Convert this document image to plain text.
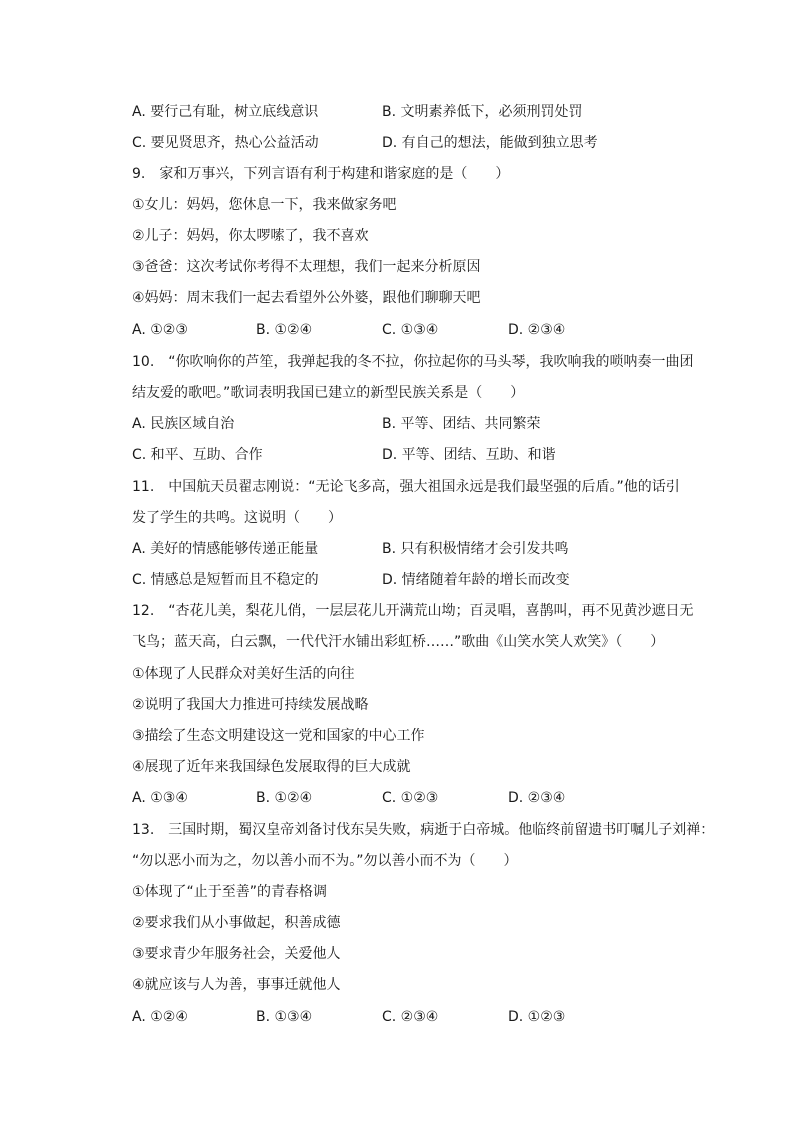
A. 要行己有耻，树立底线意识	B. 文明素养低下，必须刑罚处罚
C. 要见贤思齐，热心公益活动	D. 有自己的想法，能做到独立思考
9.　家和万事兴，下列言语有利于构建和谐家庭的是（　　）
①女儿：妈妈，您休息一下，我来做家务吧
②儿子：妈妈，你太啰嗦了，我不喜欢
③爸爸：这次考试你考得不太理想，我们一起来分析原因
④妈妈：周末我们一起去看望外公外婆，跟他们聊聊天吧
A. ①②③	B. ①②④	C. ①③④	D. ②③④
10.　“你吹响你的芦笙，我弹起我的冬不拉，你拉起你的马头琴，我吹响我的唢呐奏一曲团
结友爱的歌吧。”歌词表明我国已建立的新型民族关系是（　　）
A. 民族区域自治	B. 平等、团结、共同繁荣
C. 和平、互助、合作	D. 平等、团结、互助、和谐
11.　中国航天员翟志刚说：“无论飞多高，强大祖国永远是我们最坚强的后盾。”他的话引
发了学生的共鸣。这说明（　　）
A. 美好的情感能够传递正能量	B. 只有积极情绪才会引发共鸣
C. 情感总是短暂而且不稳定的	D. 情绪随着年龄的增长而改变
12.　“杏花儿美，梨花儿俏，一层层花儿开满荒山坳；百灵唱，喜鹊叫，再不见黄沙遮日无
飞鸟；蓝天高，白云飘，一代代汗水铺出彩虹桥……”歌曲《山笑水笑人欢笑》（　　）
①体现了人民群众对美好生活的向往
②说明了我国大力推进可持续发展战略
③描绘了生态文明建设这一党和国家的中心工作
④展现了近年来我国绿色发展取得的巨大成就
A. ①③④	B. ①②④	C. ①②③	D. ②③④
13.　三国时期，蜀汉皇帝刘备讨伐东吴失败，病逝于白帝城。他临终前留遗书叮嘱儿子刘禅：
“勿以恶小而为之，勿以善小而不为。”勿以善小而不为（　　）
①体现了“止于至善”的青春格调
②要求我们从小事做起，积善成德
③要求青少年服务社会，关爱他人
④就应该与人为善，事事迁就他人
A. ①②④	B. ①③④	C. ②③④	D. ①②③
